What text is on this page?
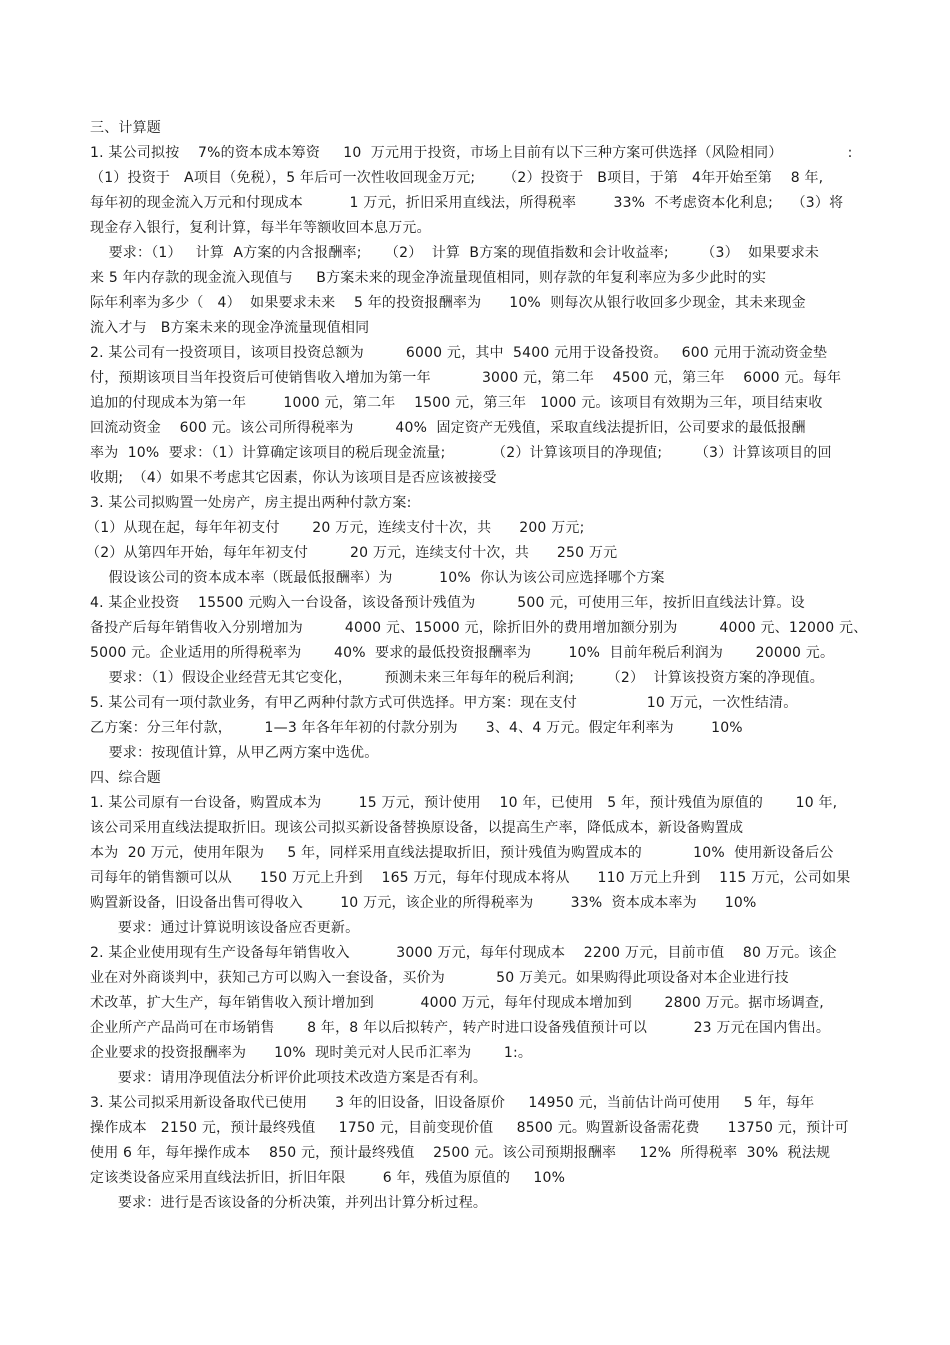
三、计算题
1. 某公司拟按    7%的资本成本筹资     10  万元用于投资，市场上目前有以下三种方案可供选择（风险相同）              :
（1）投资于   A项目（免税），5 年后可一次性收回现金万元;      （2）投资于   B项目，于第   4年开始至第    8 年,
每年初的现金流入万元和付现成本          1 万元，折旧采用直线法，所得税率        33%  不考虑资本化利息;    （3）将
现金存入银行，复利计算，每半年等额收回本息万元。
要求：（1）   计算  A方案的内含报酬率;     （2）  计算  B方案的现值指数和会计收益率;       （3）  如果要求未
来 5 年内存款的现金流入现值与     B方案未来的现金净流量现值相同，则存款的年复利率应为多少此时的实
际年利率为多少（   4）  如果要求未来    5 年的投资报酬率为      10%  则每次从银行收回多少现金，其未来现金
流入才与   B方案未来的现金净流量现值相同
2. 某公司有一投资项目，该项目投资总额为         6000 元，其中  5400 元用于设备投资。   600 元用于流动资金垫
付，预期该项目当年投资后可使销售收入增加为第一年           3000 元，第二年    4500 元，第三年    6000 元。每年
追加的付现成本为第一年        1000 元，第二年    1500 元，第三年   1000 元。该项目有效期为三年，项目结束收
回流动资金    600 元。该公司所得税率为         40%  固定资产无残值，采取直线法提折旧，公司要求的最低报酬
率为  10%  要求：（1）计算确定该项目的税后现金流量;          （2）计算该项目的净现值;       （3）计算该项目的回
收期;  （4）如果不考虑其它因素，你认为该项目是否应该被接受
3. 某公司拟购置一处房产，房主提出两种付款方案:
（1）从现在起，每年年初支付       20 万元，连续支付十次，共      200 万元;
（2）从第四年开始，每年年初支付         20 万元，连续支付十次，共      250 万元
假设该公司的资本成本率（既最低报酬率）为          10%  你认为该公司应选择哪个方案
4. 某企业投资    15500 元购入一台设备，该设备预计残值为         500 元，可使用三年，按折旧直线法计算。设
备投产后每年销售收入分别增加为         4000 元、15000 元，除折旧外的费用增加额分别为         4000 元、12000 元、
5000 元。企业适用的所得税率为       40%  要求的最低投资报酬率为        10%  目前年税后利润为       20000 元。
要求：（1）假设企业经营无其它变化，       预测未来三年每年的税后利润;       （2）  计算该投资方案的净现值。
5. 某公司有一项付款业务，有甲乙两种付款方式可供选择。甲方案：现在支付               10 万元，一次性结清。
乙方案：分三年付款，       1—3 年各年年初的付款分别为      3、4、4 万元。假定年利率为        10%
要求：按现值计算，从甲乙两方案中选优。
四、综合题
1. 某公司原有一台设备，购置成本为        15 万元，预计使用    10 年，已使用   5 年，预计残值为原值的       10 年,
该公司采用直线法提取折旧。现该公司拟买新设备替换原设备，以提高生产率，降低成本，新设备购置成
本为  20 万元，使用年限为     5 年，同样采用直线法提取折旧，预计残值为购置成本的           10%  使用新设备后公
司每年的销售额可以从      150 万元上升到    165 万元，每年付现成本将从      110 万元上升到    115 万元，公司如果
购置新设备，旧设备出售可得收入        10 万元，该企业的所得税率为        33%  资本成本率为      10%
要求：通过计算说明该设备应否更新。
2. 某企业使用现有生产设备每年销售收入          3000 万元，每年付现成本    2200 万元，目前市值    80 万元。该企
业在对外商谈判中，获知己方可以购入一套设备，买价为           50 万美元。如果购得此项设备对本企业进行技
术改革，扩大生产，每年销售收入预计增加到          4000 万元，每年付现成本增加到       2800 万元。据市场调查,
企业所产产品尚可在市场销售       8 年，8 年以后拟转产，转产时进口设备残值预计可以          23 万元在国内售出。
企业要求的投资报酬率为      10%  现时美元对人民币汇率为       1:。
要求：请用净现值法分析评价此项技术改造方案是否有利。
3. 某公司拟采用新设备取代已使用      3 年的旧设备，旧设备原价     14950 元，当前估计尚可使用     5 年，每年
操作成本   2150 元，预计最终残值     1750 元，目前变现价值     8500 元。购置新设备需花费      13750 元，预计可
使用 6 年，每年操作成本    850 元，预计最终残值    2500 元。该公司预期报酬率     12%  所得税率  30%  税法规
定该类设备应采用直线法折旧，折旧年限        6 年，残值为原值的     10%
要求：进行是否该设备的分析决策，并列出计算分析过程。
